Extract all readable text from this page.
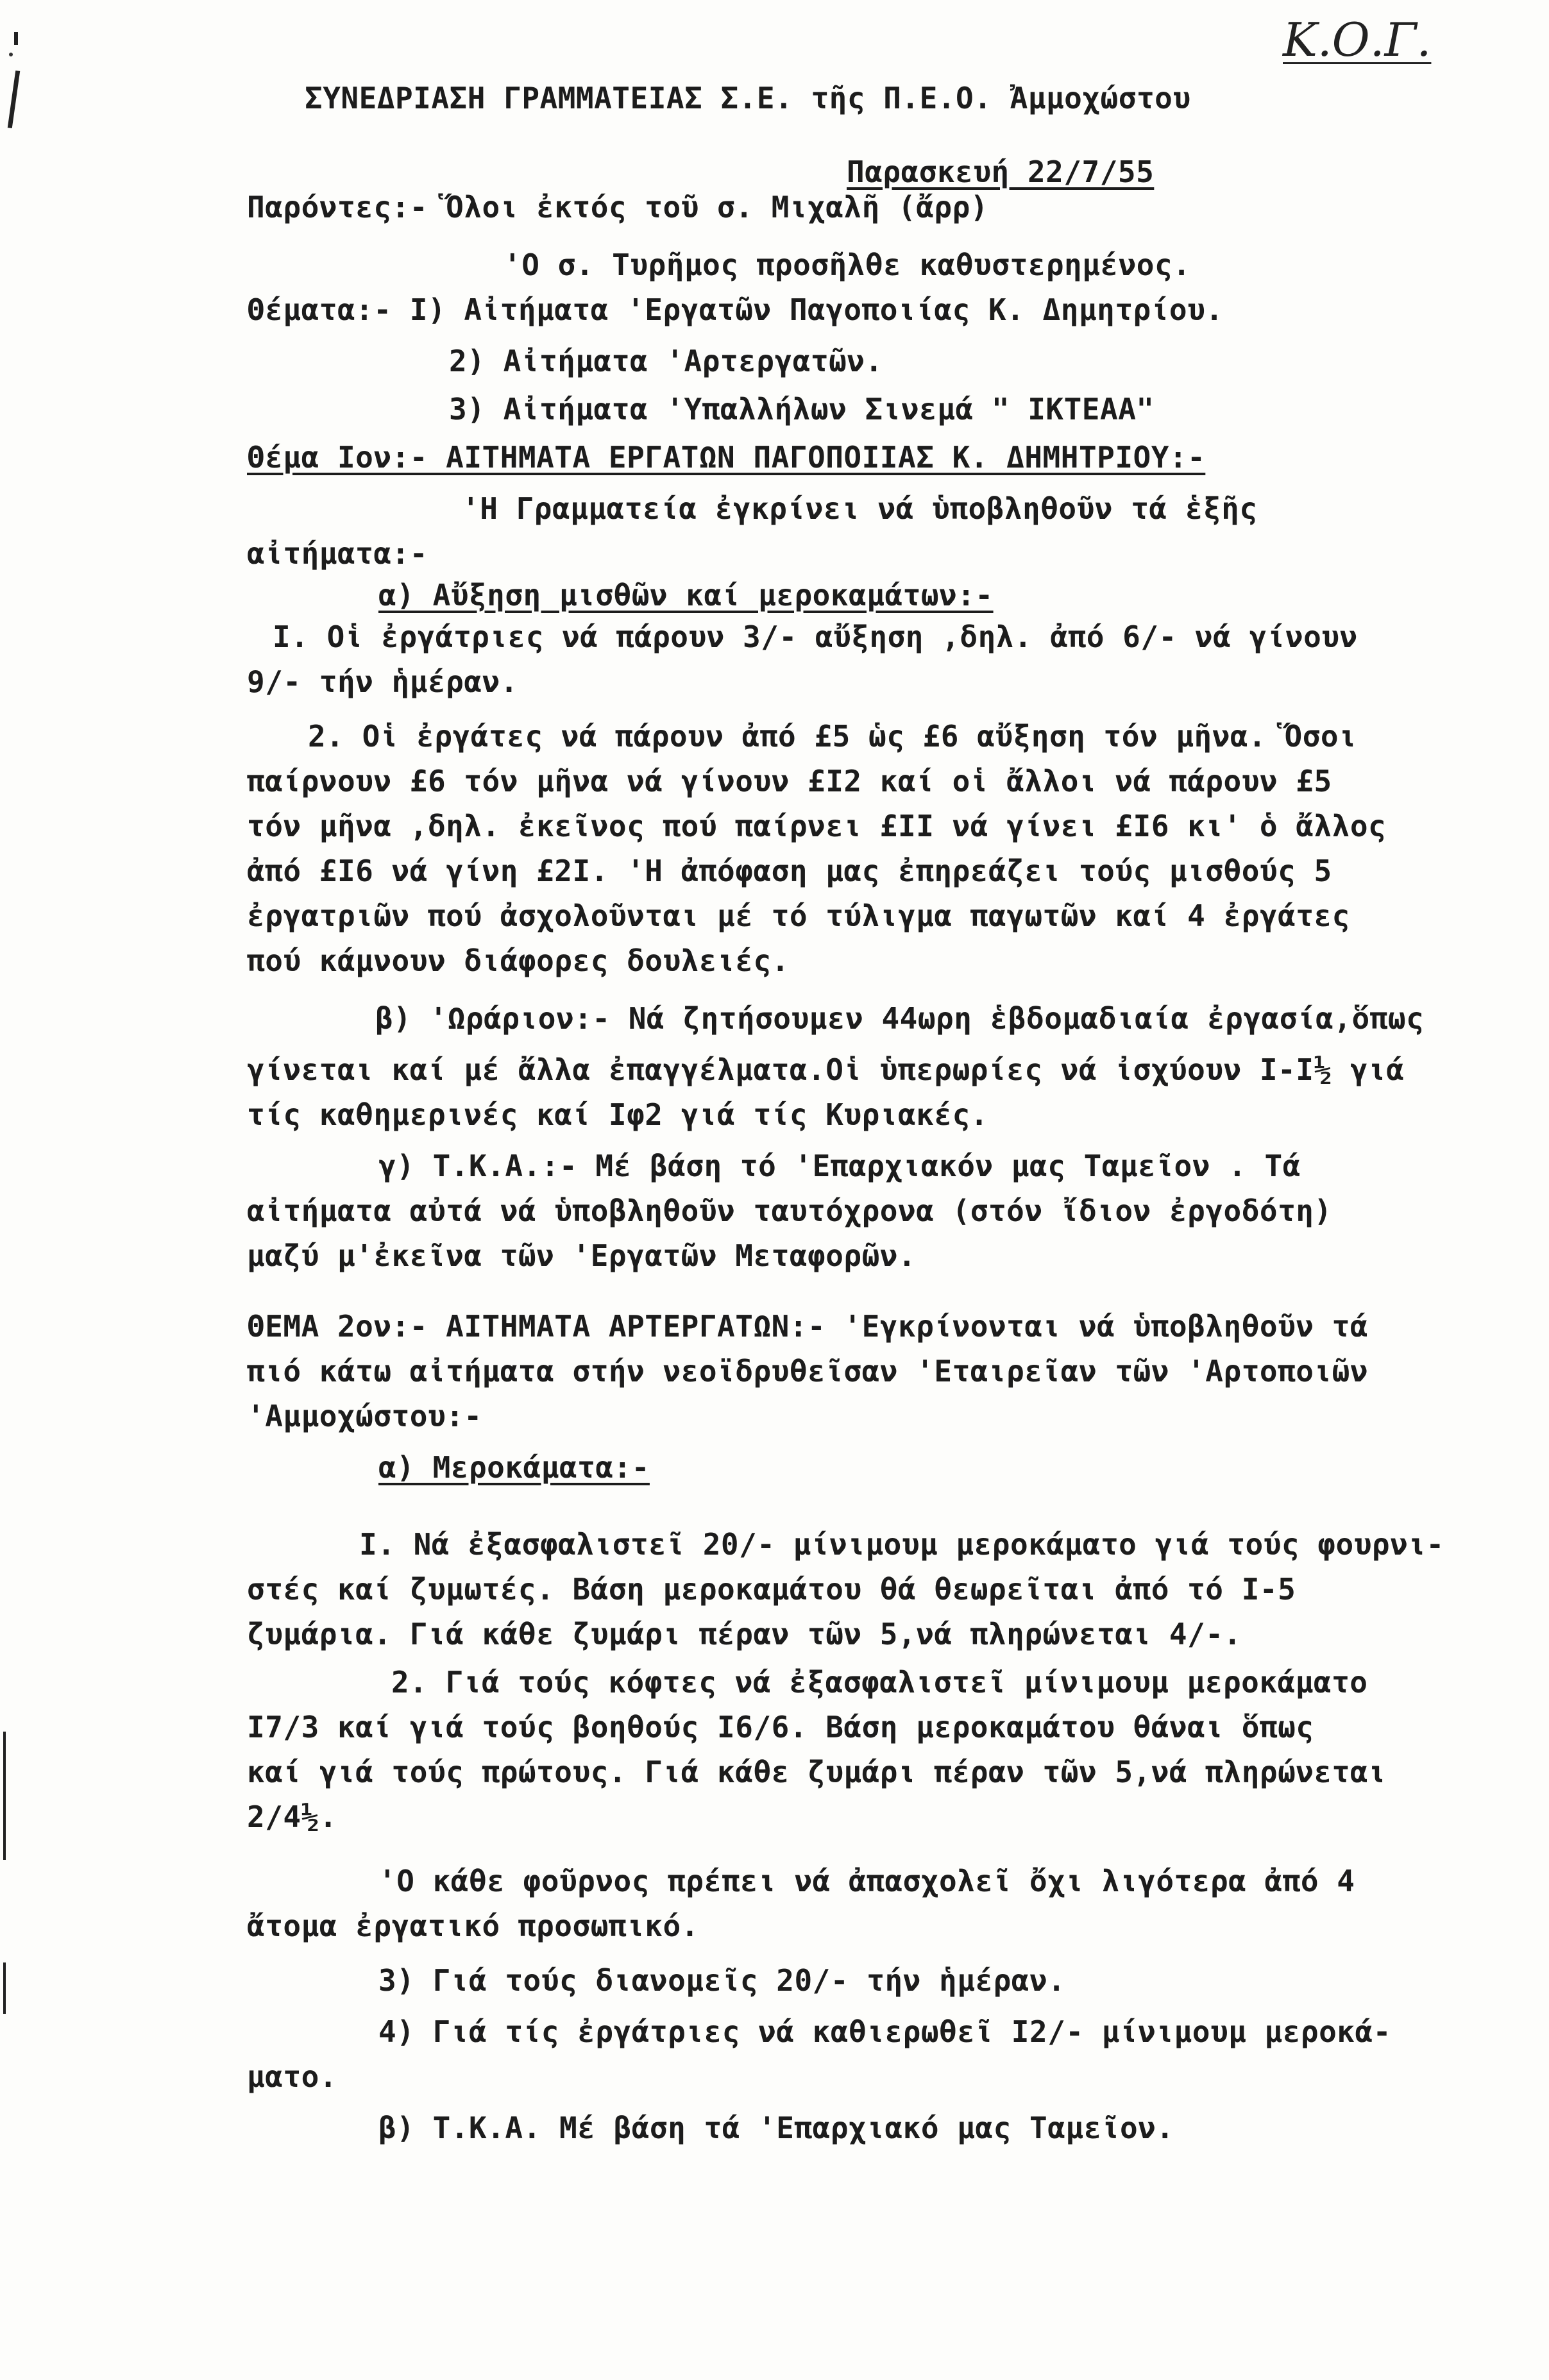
Κ.Ο.Γ.
ΣΥΝΕΔΡΙΑΣΗ ΓΡΑΜΜΑΤΕΙΑΣ Σ.Ε. τῆς Π.Ε.Ο. Ἀμμοχώστου
Παρασκευή 22/7/55
Παρόντες:- Ὅλοι ἐκτός τοῦ σ. Μιχαλῆ (ἄρρ)
'Ο σ. Τυρῆμος προσῆλθε καθυστερημένος.
Θέματα:- Ι) Αἰτήματα 'Εργατῶν Παγοποιίας Κ. Δημητρίου.
2) Αἰτήματα 'Αρτεργατῶν.
3) Αἰτήματα 'Υπαλλήλων Σινεμά " ΙΚΤΕΑΑ"
Θέμα Ιον:- ΑΙΤΗΜΑΤΑ ΕΡΓΑΤΩΝ ΠΑΓΟΠΟΙΙΑΣ Κ. ΔΗΜΗΤΡΙΟΥ:-
'Η Γραμματεία ἐγκρίνει νά ὑποβληθοῦν τά ἑξῆς
αἰτήματα:-
α) Αὔξηση μισθῶν καί μεροκαμάτων:-
Ι. Οἱ ἐργάτριες νά πάρουν 3/- αὔξηση ,δηλ. ἀπό 6/- νά γίνουν
9/- τήν ἡμέραν.
2. Οἱ ἐργάτες νά πάρουν ἀπό £5 ὡς £6 αὔξηση τόν μῆνα. Ὅσοι
παίρνουν £6 τόν μῆνα νά γίνουν £Ι2 καί οἱ ἄλλοι νά πάρουν £5
τόν μῆνα ,δηλ. ἐκεῖνος πού παίρνει £ΙΙ νά γίνει £Ι6 κι' ὁ ἄλλος
ἀπό £Ι6 νά γίνη £2Ι. 'Η ἀπόφαση μας ἐπηρεάζει τούς μισθούς 5
ἐργατριῶν πού ἀσχολοῦνται μέ τό τύλιγμα παγωτῶν καί 4 ἐργάτες
πού κάμνουν διάφορες δουλειές.
β) 'Ωράριον:- Νά ζητήσουμεν 44ωρη ἑβδομαδιαία ἐργασία,ὅπως
γίνεται καί μέ ἄλλα ἐπαγγέλματα.Οἱ ὑπερωρίες νά ἰσχύουν Ι-Ι½ γιά
τίς καθημερινές καί Ιφ2 γιά τίς Κυριακές.
γ) Τ.Κ.Α.:- Μέ βάση τό 'Επαρχιακόν μας Ταμεῖον . Τά
αἰτήματα αὐτά νά ὑποβληθοῦν ταυτόχρονα (στόν ἴδιον ἐργοδότη)
μαζύ μ'ἐκεῖνα τῶν 'Εργατῶν Μεταφορῶν.
ΘΕΜΑ 2ον:- ΑΙΤΗΜΑΤΑ ΑΡΤΕΡΓΑΤΩΝ:- 'Εγκρίνονται νά ὑποβληθοῦν τά
πιό κάτω αἰτήματα στήν νεοϊδρυθεῖσαν 'Εταιρεῖαν τῶν 'Αρτοποιῶν
'Αμμοχώστου:-
α) Μεροκάματα:-
Ι. Νά ἐξασφαλιστεῖ 20/- μίνιμουμ μεροκάματο γιά τούς φουρνι-
στές καί ζυμωτές. Βάση μεροκαμάτου θά θεωρεῖται ἀπό τό Ι-5
ζυμάρια. Γιά κάθε ζυμάρι πέραν τῶν 5,νά πληρώνεται 4/-.
2. Γιά τούς κόφτες νά ἐξασφαλιστεῖ μίνιμουμ μεροκάματο
Ι7/3 καί γιά τούς βοηθούς Ι6/6. Βάση μεροκαμάτου θάναι ὅπως
καί γιά τούς πρώτους. Γιά κάθε ζυμάρι πέραν τῶν 5,νά πληρώνεται
2/4½.
'Ο κάθε φοῦρνος πρέπει νά ἀπασχολεῖ ὄχι λιγότερα ἀπό 4
ἄτομα ἐργατικό προσωπικό.
3) Γιά τούς διανομεῖς 20/- τήν ἡμέραν.
4) Γιά τίς ἐργάτριες νά καθιερωθεῖ Ι2/- μίνιμουμ μεροκά-
ματο.
β) Τ.Κ.Α. Μέ βάση τά 'Επαρχιακό μας Ταμεῖον.
